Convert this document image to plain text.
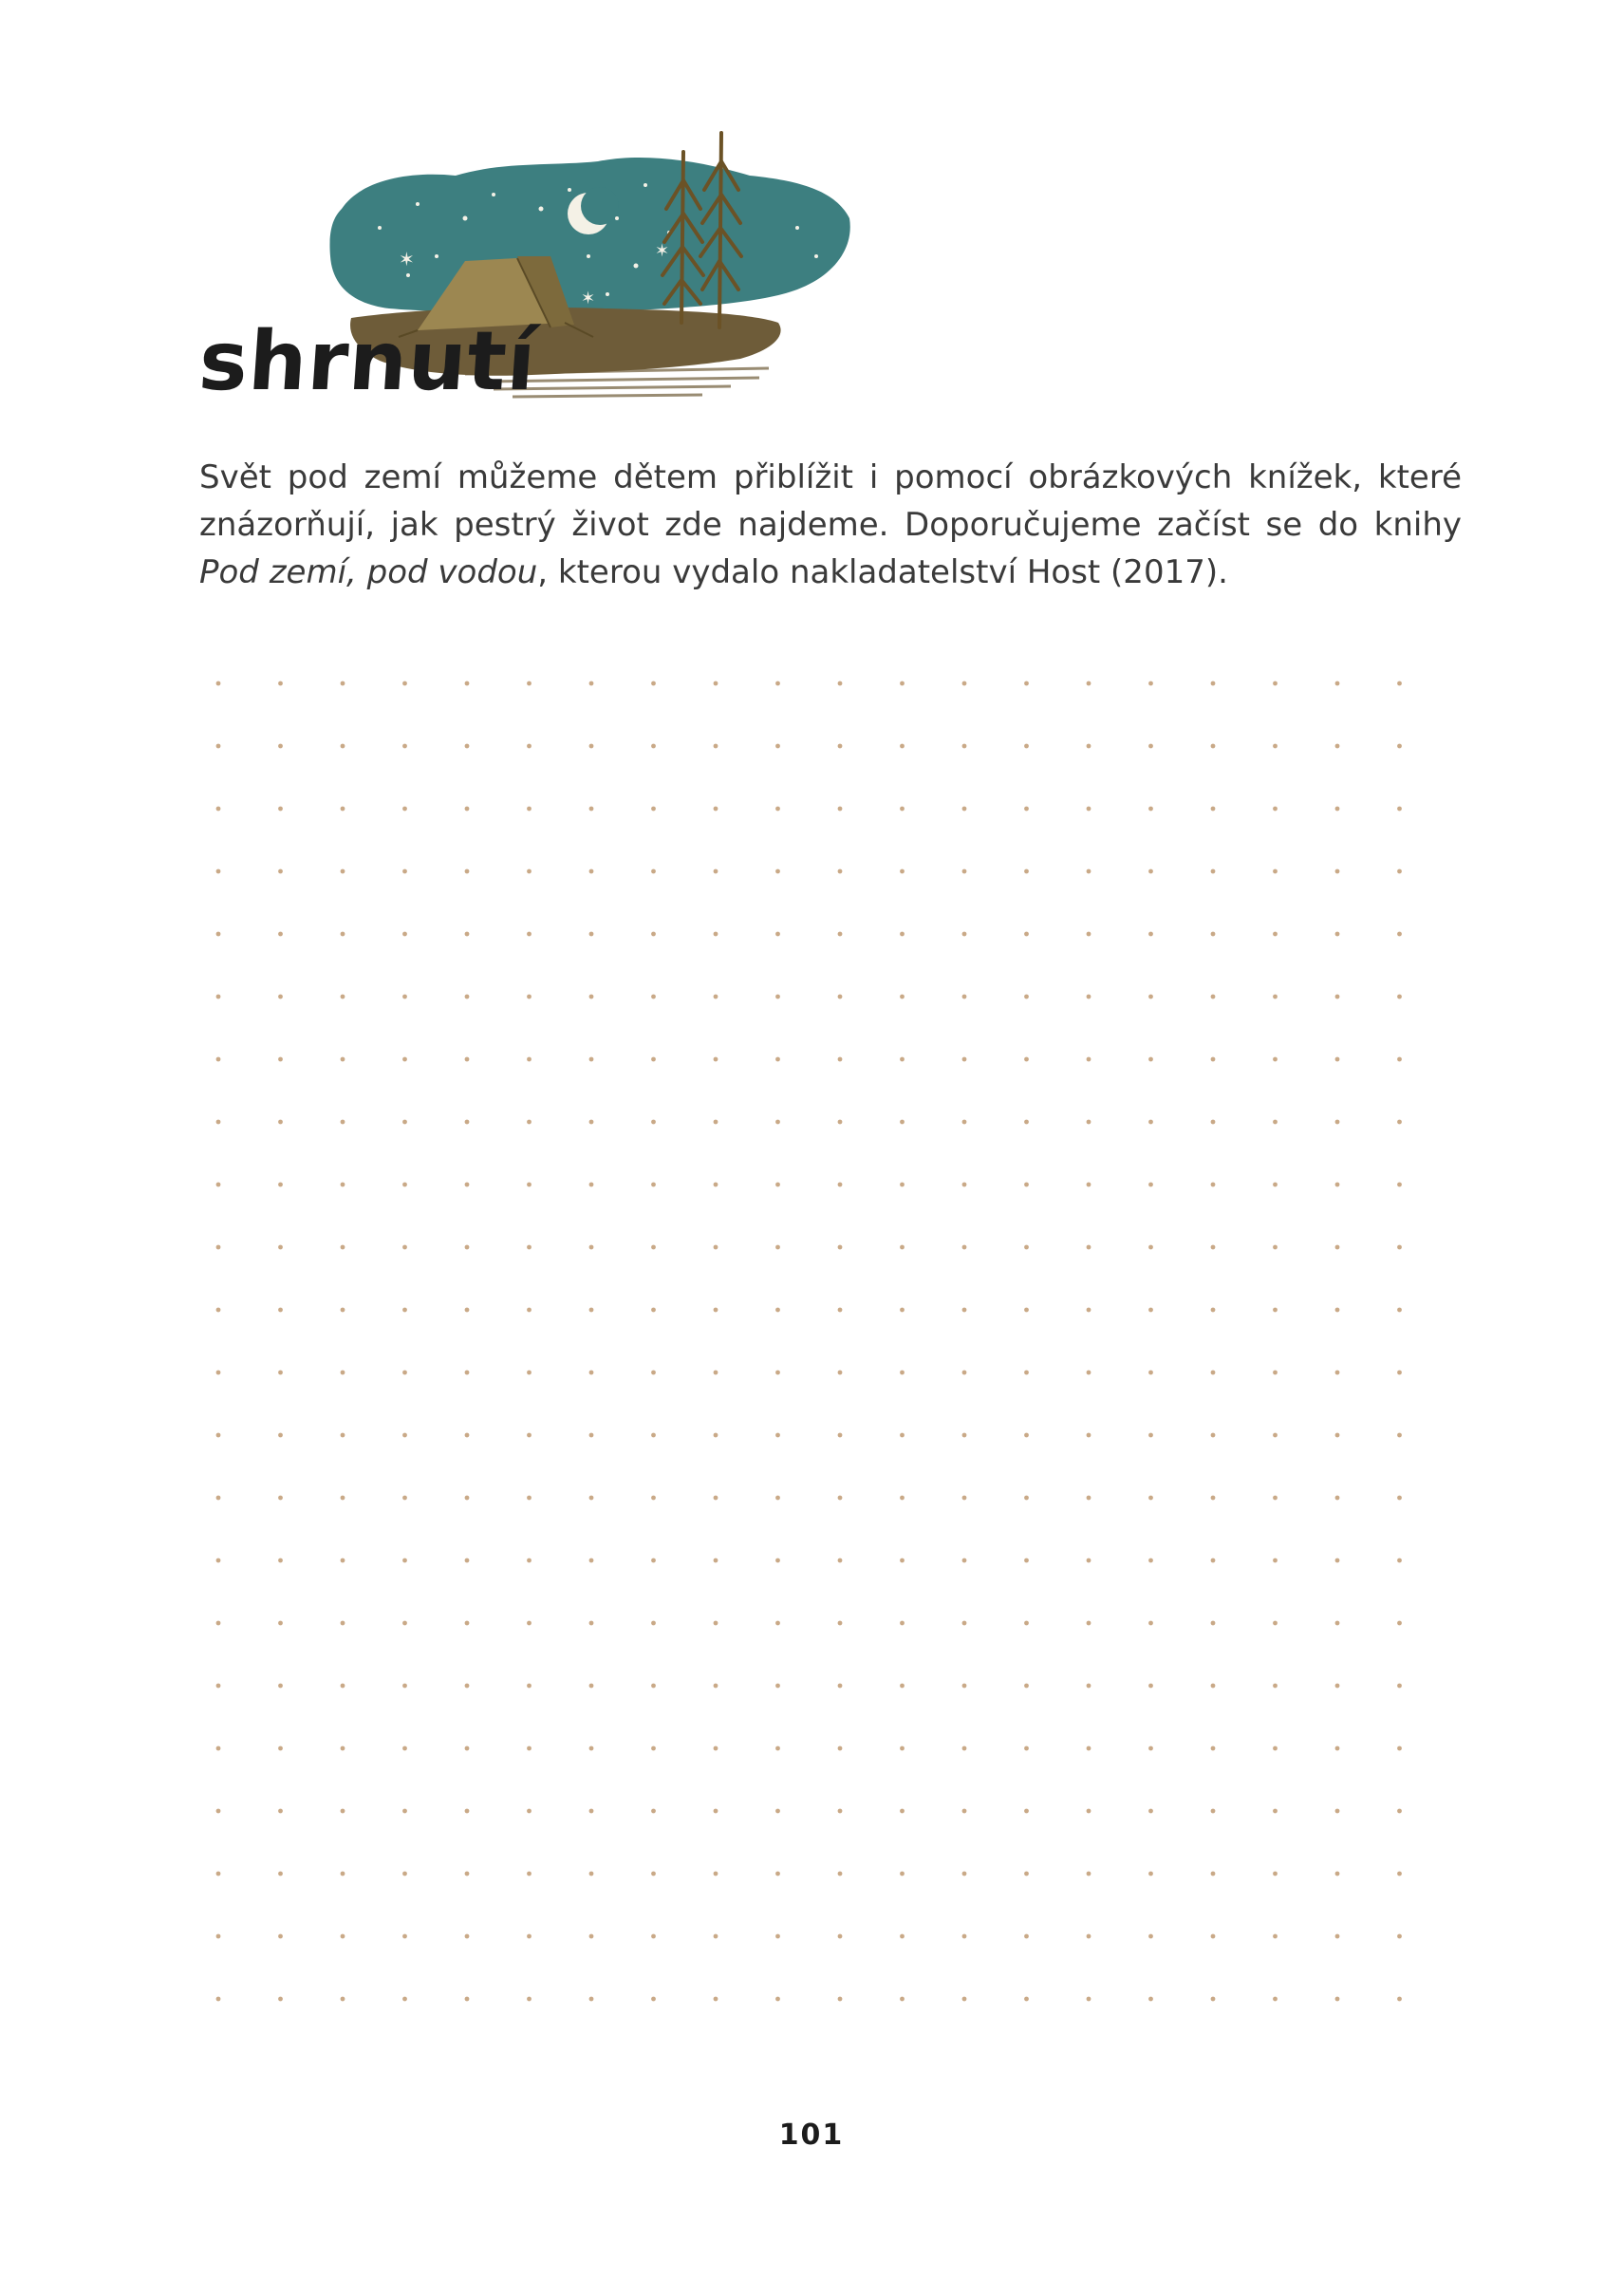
✶
✶
✶
shrnutí

Svět pod zemí můžeme dětem přiblížit i pomocí obrázkových knížek, které znázorňují, jak pestrý život zde najdeme. Doporučujeme začíst se do knihy Pod zemí, pod vodou, kterou vydalo nakladatelství Host (2017).

101
